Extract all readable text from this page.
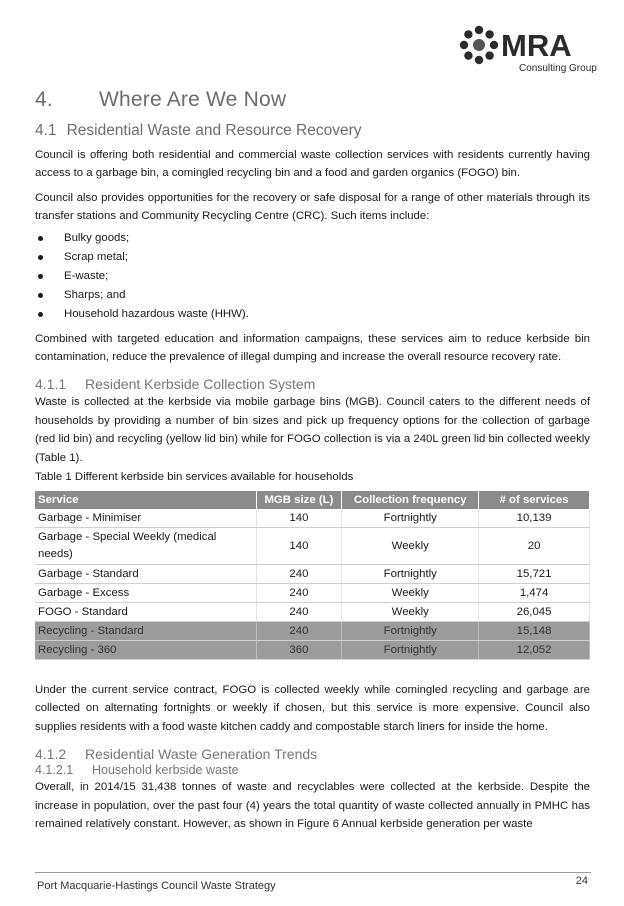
MRA
Consulting Group
4.	Where Are We Now
4.1 Residential Waste and Resource Recovery

Council is offering both residential and commercial waste collection services with residents currently having access to a garbage bin, a comingled recycling bin and a food and garden organics (FOGO) bin.

Council also provides opportunities for the recovery or safe disposal for a range of other materials through its transfer stations and Community Recycling Centre (CRC). Such items include:

Bulky goods;
Scrap metal;
E-waste;
Sharps; and
Household hazardous waste (HHW).

Combined with targeted education and information campaigns, these services aim to reduce kerbside bin contamination, reduce the prevalence of illegal dumping and increase the overall resource recovery rate.

4.1.1 Resident Kerbside Collection System

Waste is collected at the kerbside via mobile garbage bins (MGB). Council caters to the different needs of households by providing a number of bin sizes and pick up frequency options for the collection of garbage (red lid bin) and recycling (yellow lid bin) while for FOGO collection is via a 240L green lid bin collected weekly (Table 1).

Table 1 Different kerbside bin services available for households
Service	MGB size (L)	Collection frequency	# of services
Garbage - Minimiser	140	Fortnightly	10,139
Garbage - Special Weekly (medical needs)	140	Weekly	20
Garbage - Standard	240	Fortnightly	15,721
Garbage - Excess	240	Weekly	1,474
FOGO - Standard	240	Weekly	26,045
Recycling - Standard	240	Fortnightly	15,148
Recycling - 360	360	Fortnightly	12,052

Under the current service contract, FOGO is collected weekly while comingled recycling and garbage are collected on alternating fortnights or weekly if chosen, but this service is more expensive. Council also supplies residents with a food waste kitchen caddy and compostable starch liners for inside the home.

4.1.2 Residential Waste Generation Trends
4.1.2.1 Household kerbside waste

Overall, in 2014/15 31,438 tonnes of waste and recyclables were collected at the kerbside. Despite the increase in population, over the past four (4) years the total quantity of waste collected annually in PMHC has remained relatively constant. However, as shown in Figure 6 Annual kerbside generation per waste

Port Macquarie-Hastings Council Waste Strategy	24
